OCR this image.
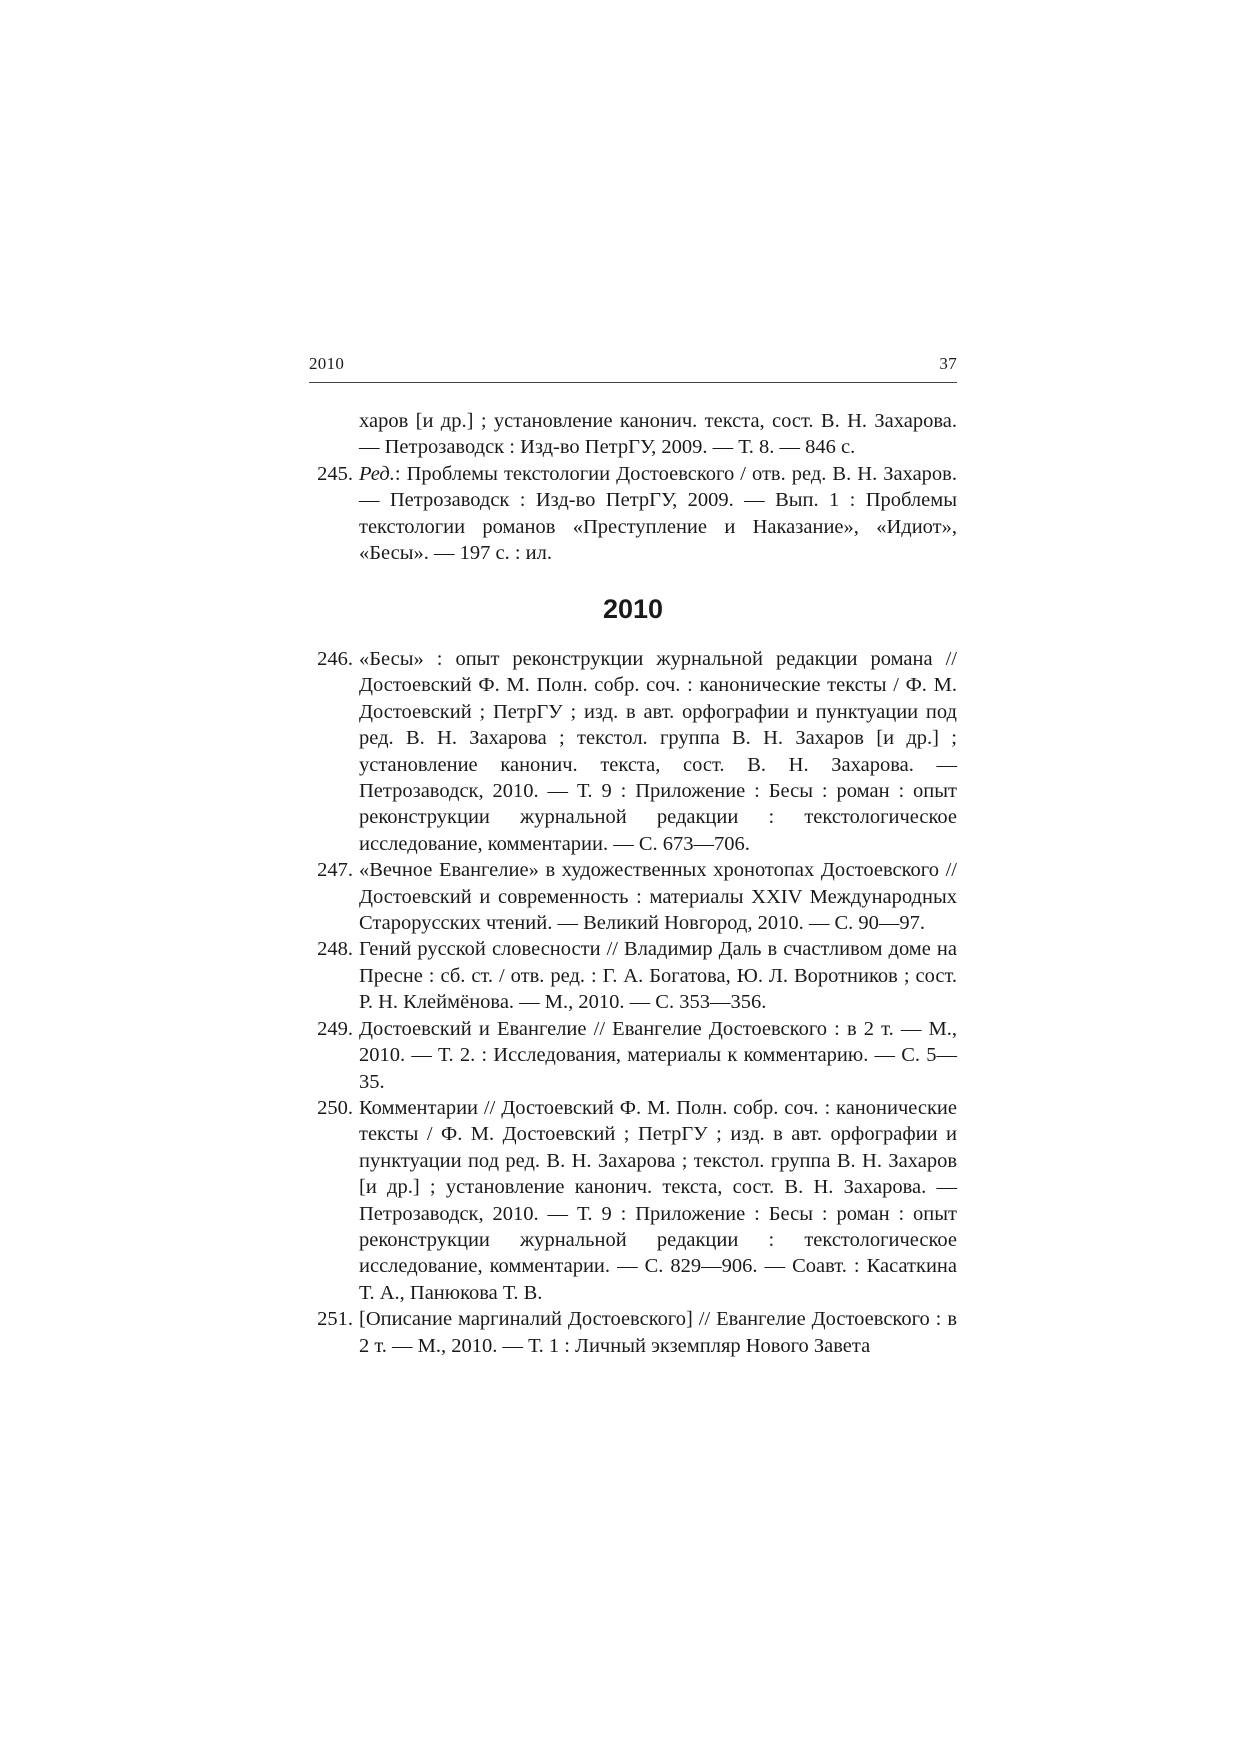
2010	37
харов [и др.] ; установление канонич. текста, сост. В. Н. Захарова. — Петрозаводск : Изд-во ПетрГУ, 2009. — Т. 8. — 846 с.
245. Ред.: Проблемы текстологии Достоевского / отв. ред. В. Н. Захаров. — Петрозаводск : Изд-во ПетрГУ, 2009. — Вып. 1 : Проблемы текстологии романов «Преступление и Наказание», «Идиот», «Бесы». — 197 с. : ил.
2010
246. «Бесы» : опыт реконструкции журнальной редакции романа // Достоевский Ф. М. Полн. собр. соч. : канонические тексты / Ф. М. Достоевский ; ПетрГУ ; изд. в авт. орфографии и пунктуации под ред. В. Н. Захарова ; текстол. группа В. Н. Захаров [и др.] ; установление канонич. текста, сост. В. Н. Захарова. — Петрозаводск, 2010. — Т. 9 : Приложение : Бесы : роман : опыт реконструкции журнальной редакции : текстологическое исследование, комментарии. — С. 673—706.
247. «Вечное Евангелие» в художественных хронотопах Достоевского // Достоевский и современность : материалы XXIV Международных Старорусских чтений. — Великий Новгород, 2010. — С. 90—97.
248. Гений русской словесности // Владимир Даль в счастливом доме на Пресне : сб. ст. / отв. ред. : Г. А. Богатова, Ю. Л. Воротников ; сост. Р. Н. Клеймёнова. — М., 2010. — С. 353—356.
249. Достоевский и Евангелие // Евангелие Достоевского : в 2 т. — М., 2010. — Т. 2. : Исследования, материалы к комментарию. — С. 5—35.
250. Комментарии // Достоевский Ф. М. Полн. собр. соч. : канонические тексты / Ф. М. Достоевский ; ПетрГУ ; изд. в авт. орфографии и пунктуации под ред. В. Н. Захарова ; текстол. группа В. Н. Захаров [и др.] ; установление канонич. текста, сост. В. Н. Захарова. — Петрозаводск, 2010. — Т. 9 : Приложение : Бесы : роман : опыт реконструкции журнальной редакции : текстологическое исследование, комментарии. — С. 829—906. — Соавт. : Касаткина Т. А., Панюкова Т. В.
251. [Описание маргиналий Достоевского] // Евангелие Достоевского : в 2 т. — М., 2010. — Т. 1 : Личный экземпляр Нового Завета
